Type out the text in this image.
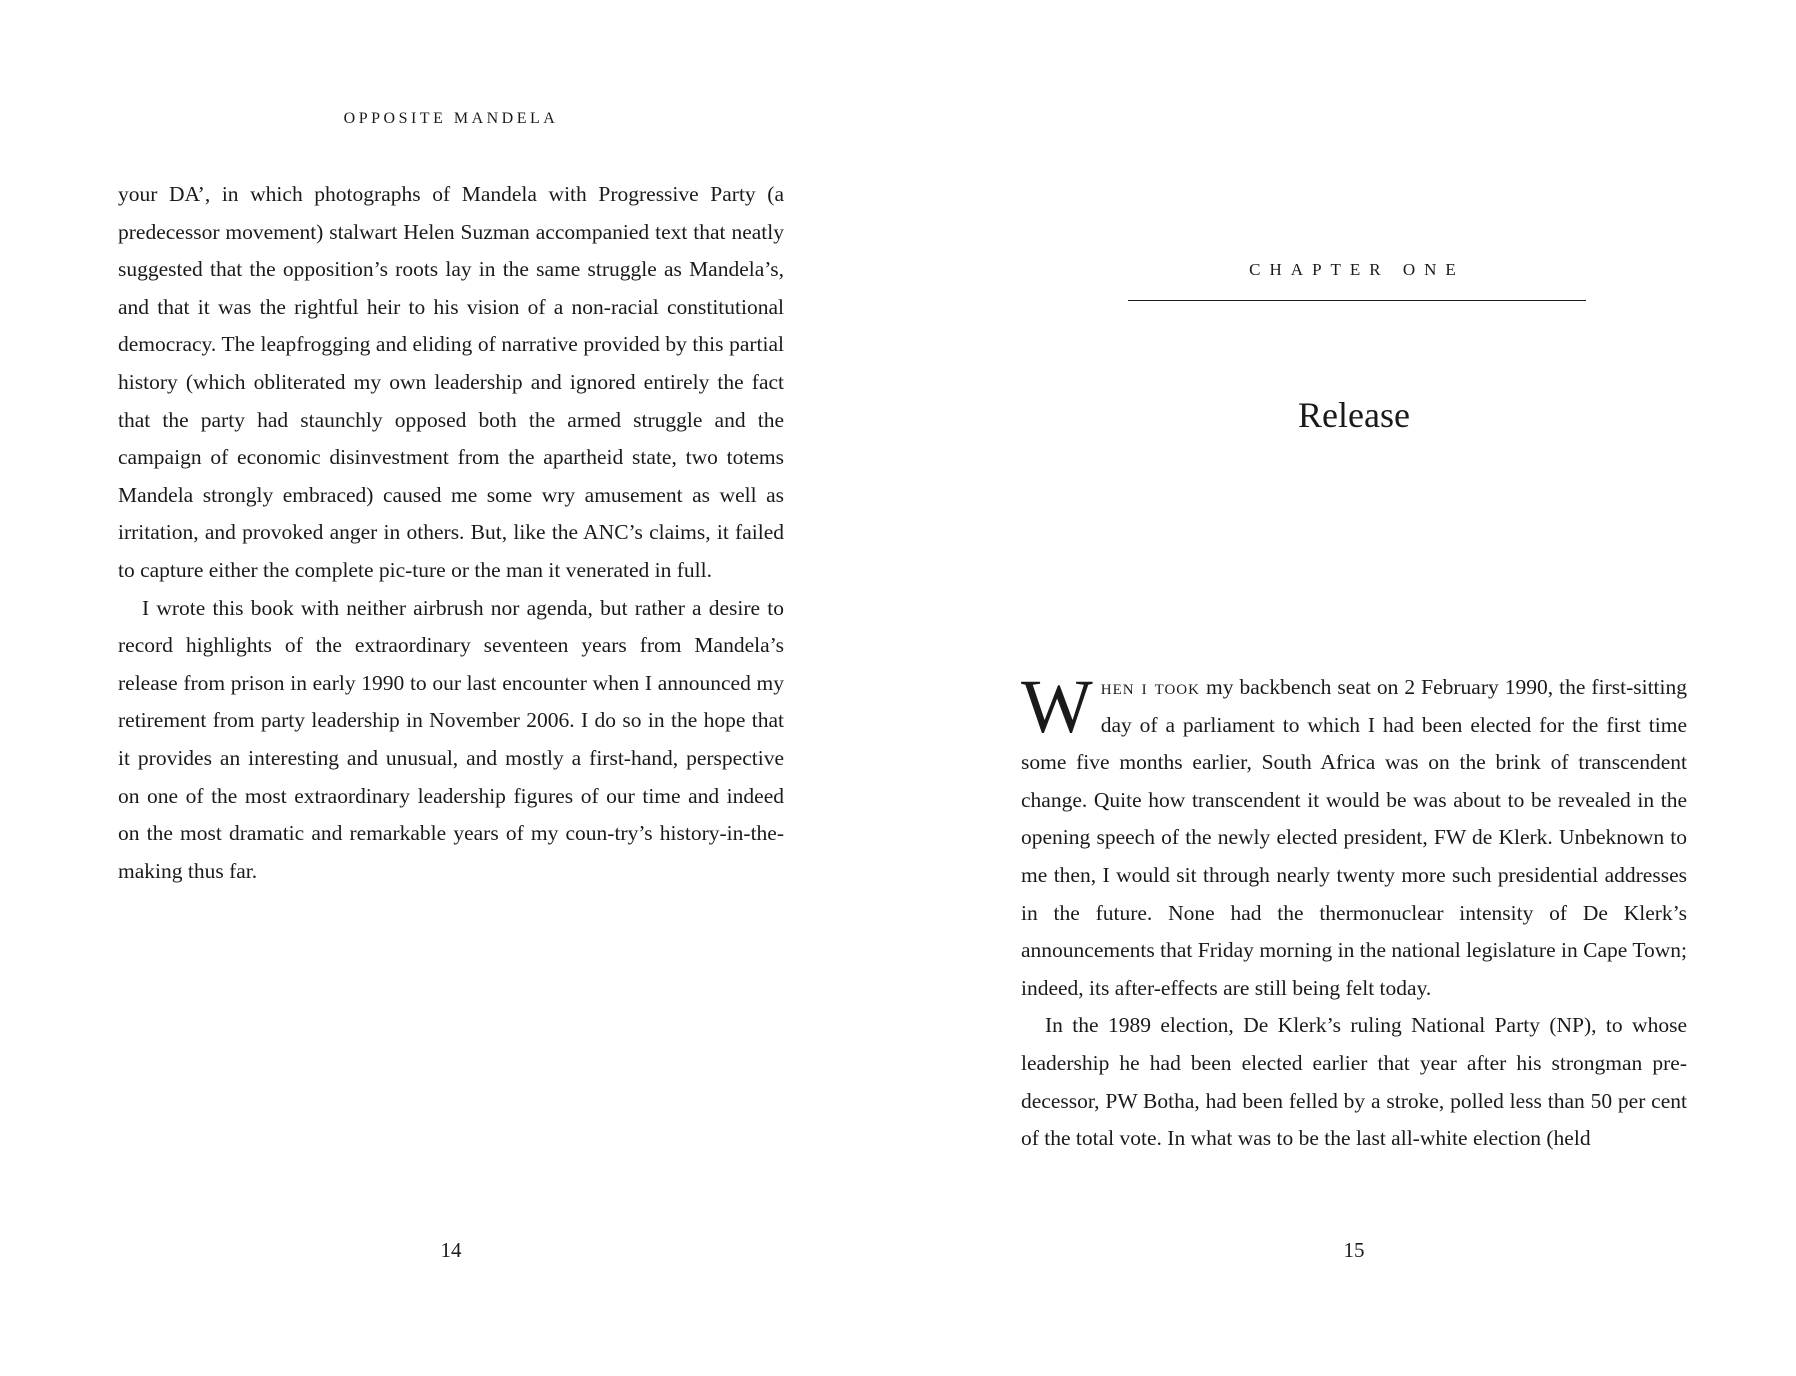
OPPOSITE MANDELA

your DA’, in which photographs of Mandela with Progressive Party (a predecessor movement) stalwart Helen Suzman accompanied text that neatly suggested that the opposition’s roots lay in the same struggle as Mandela’s, and that it was the rightful heir to his vision of a non-racial constitutional democracy. The leapfrogging and eliding of narrative provided by this partial history (which obliterated my own leadership and ignored entirely the fact that the party had staunchly opposed both the armed struggle and the campaign of economic disinvestment from the apartheid state, two totems Mandela strongly embraced) caused me some wry amusement as well as irritation, and provoked anger in others. But, like the ANC’s claims, it failed to capture either the complete pic-ture or the man it venerated in full.

I wrote this book with neither airbrush nor agenda, but rather a desire to record highlights of the extraordinary seventeen years from Mandela’s release from prison in early 1990 to our last encounter when I announced my retirement from party leadership in November 2006. I do so in the hope that it provides an interesting and unusual, and mostly a first-hand, perspective on one of the most extraordinary leadership figures of our time and indeed on the most dramatic and remarkable years of my coun-try’s history-in-the-making thus far.

14
CHAPTER ONE
Release

When i took my backbench seat on 2 February 1990, the first-sitting day of a parliament to which I had been elected for the first time some five months earlier, South Africa was on the brink of transcendent change. Quite how transcendent it would be was about to be revealed in the opening speech of the newly elected president, FW de Klerk. Unbeknown to me then, I would sit through nearly twenty more such presidential addresses in the future. None had the thermonuclear intensity of De Klerk’s announcements that Friday morning in the national legislature in Cape Town; indeed, its after-effects are still being felt today.

In the 1989 election, De Klerk’s ruling National Party (NP), to whose leadership he had been elected earlier that year after his strongman pre-decessor, PW Botha, had been felled by a stroke, polled less than 50 per cent of the total vote. In what was to be the last all-white election (held

15
